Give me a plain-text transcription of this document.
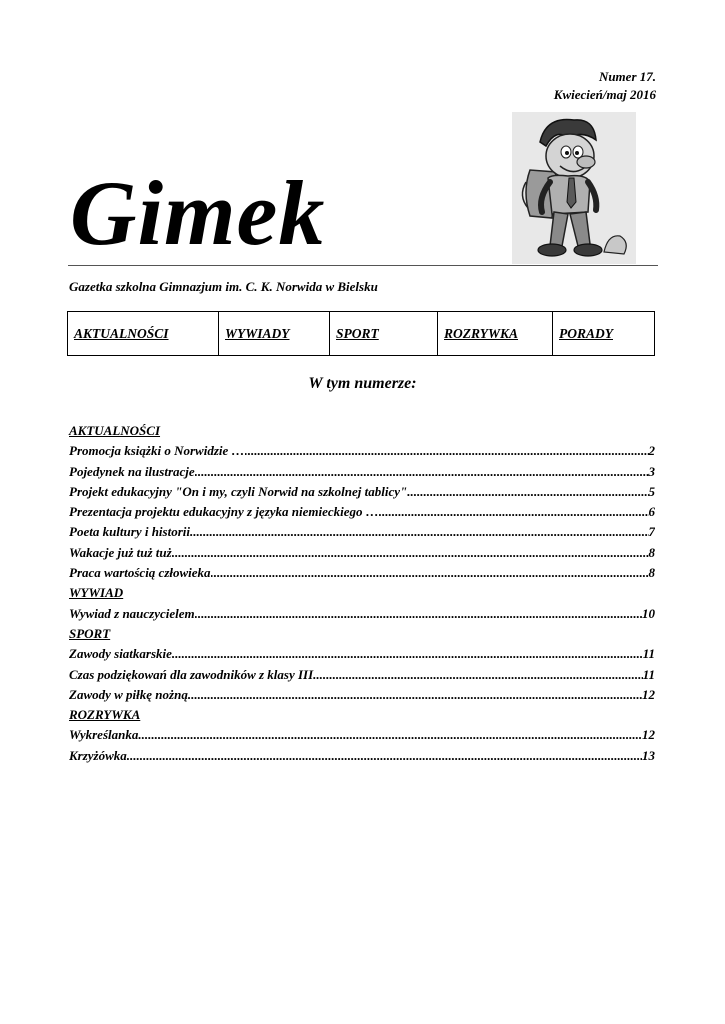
Numer 17.
Kwiecień/maj 2016
Gimek
Gazetka szkolna Gimnazjum im. C. K. Norwida w Bielsku
AKTUALNOŚCI	WYWIADY	SPORT	ROZRYWKA	PORADY
W tym numerze:
AKTUALNOŚCI
Promocja książki o Norwidzie … .....	2
Pojedynek na ilustracje .....	3
Projekt edukacyjny "On i my, czyli Norwid na szkolnej tablicy" .....	5
Prezentacja projektu edukacyjny z języka niemieckiego … .....	6
Poeta kultury i historii .....	7
Wakacje już tuż tuż .....	8
Praca wartością człowieka .....	8
WYWIAD
Wywiad z nauczycielem .....	10
SPORT
Zawody siatkarskie .....	11
Czas podziękowań dla zawodników z klasy III .....	11
Zawody w piłkę nożną .....	12
ROZRYWKA
Wykreślanka .....	12
Krzyżówka .....	13
